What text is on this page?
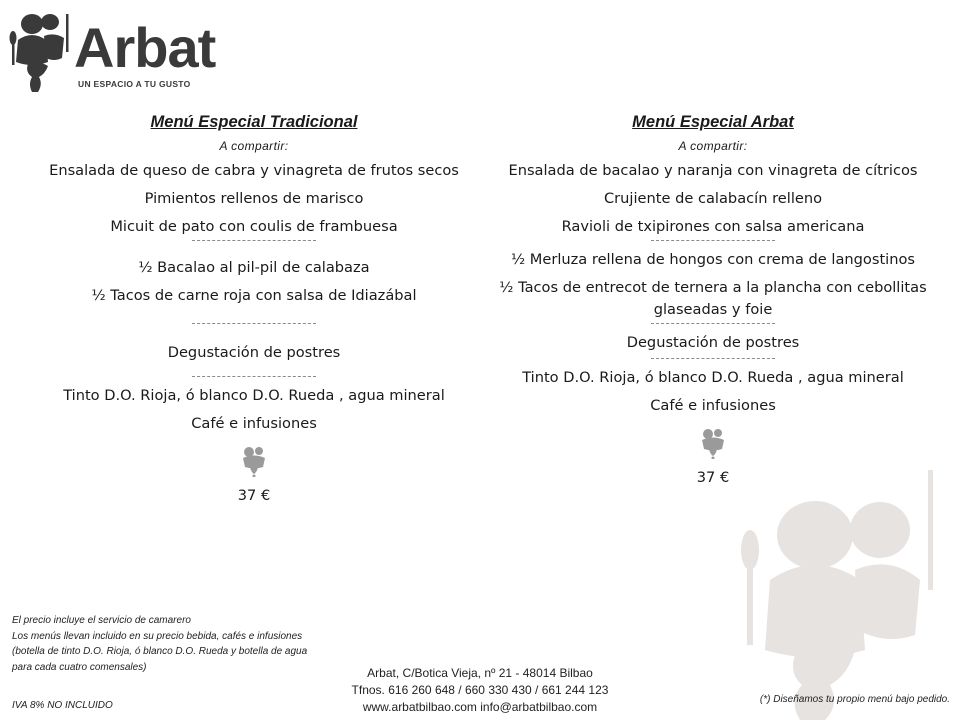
Arbat
UN ESPACIO A TU GUSTO
Menú Especial Tradicional
A compartir:
Ensalada de queso de cabra y vinagreta de frutos secos
Pimientos rellenos de marisco
Micuit de pato con coulis de frambuesa
½ Bacalao al pil-pil de calabaza
½ Tacos de carne roja con salsa de Idiazábal
Degustación de postres
Tinto D.O. Rioja, ó blanco D.O. Rueda , agua mineral
Café e infusiones
37 €
Menú Especial Arbat
A compartir:
Ensalada de bacalao y naranja con vinagreta de cítricos
Crujiente de calabacín relleno
Ravioli de txipirones con salsa americana
½ Merluza rellena de hongos con crema de langostinos
½ Tacos de entrecot de ternera a la plancha con cebollitas glaseadas y foie
Degustación de postres
Tinto D.O. Rioja, ó blanco D.O. Rueda , agua mineral
Café e infusiones
37 €
El precio incluye el servicio de camarero
Los menús llevan incluido en su precio bebida, cafés e infusiones (botella de tinto D.O. Rioja, ó blanco D.O. Rueda y botella de agua para cada cuatro comensales)
IVA 8% NO INCLUIDO
Arbat, C/Botica Vieja, nº 21 - 48014 Bilbao
Tfnos. 616 260 648 / 660 330 430 / 661 244 123
www.arbatbilbao.com info@arbatbilbao.com
(*) Diseñamos tu propio menú bajo pedido.
